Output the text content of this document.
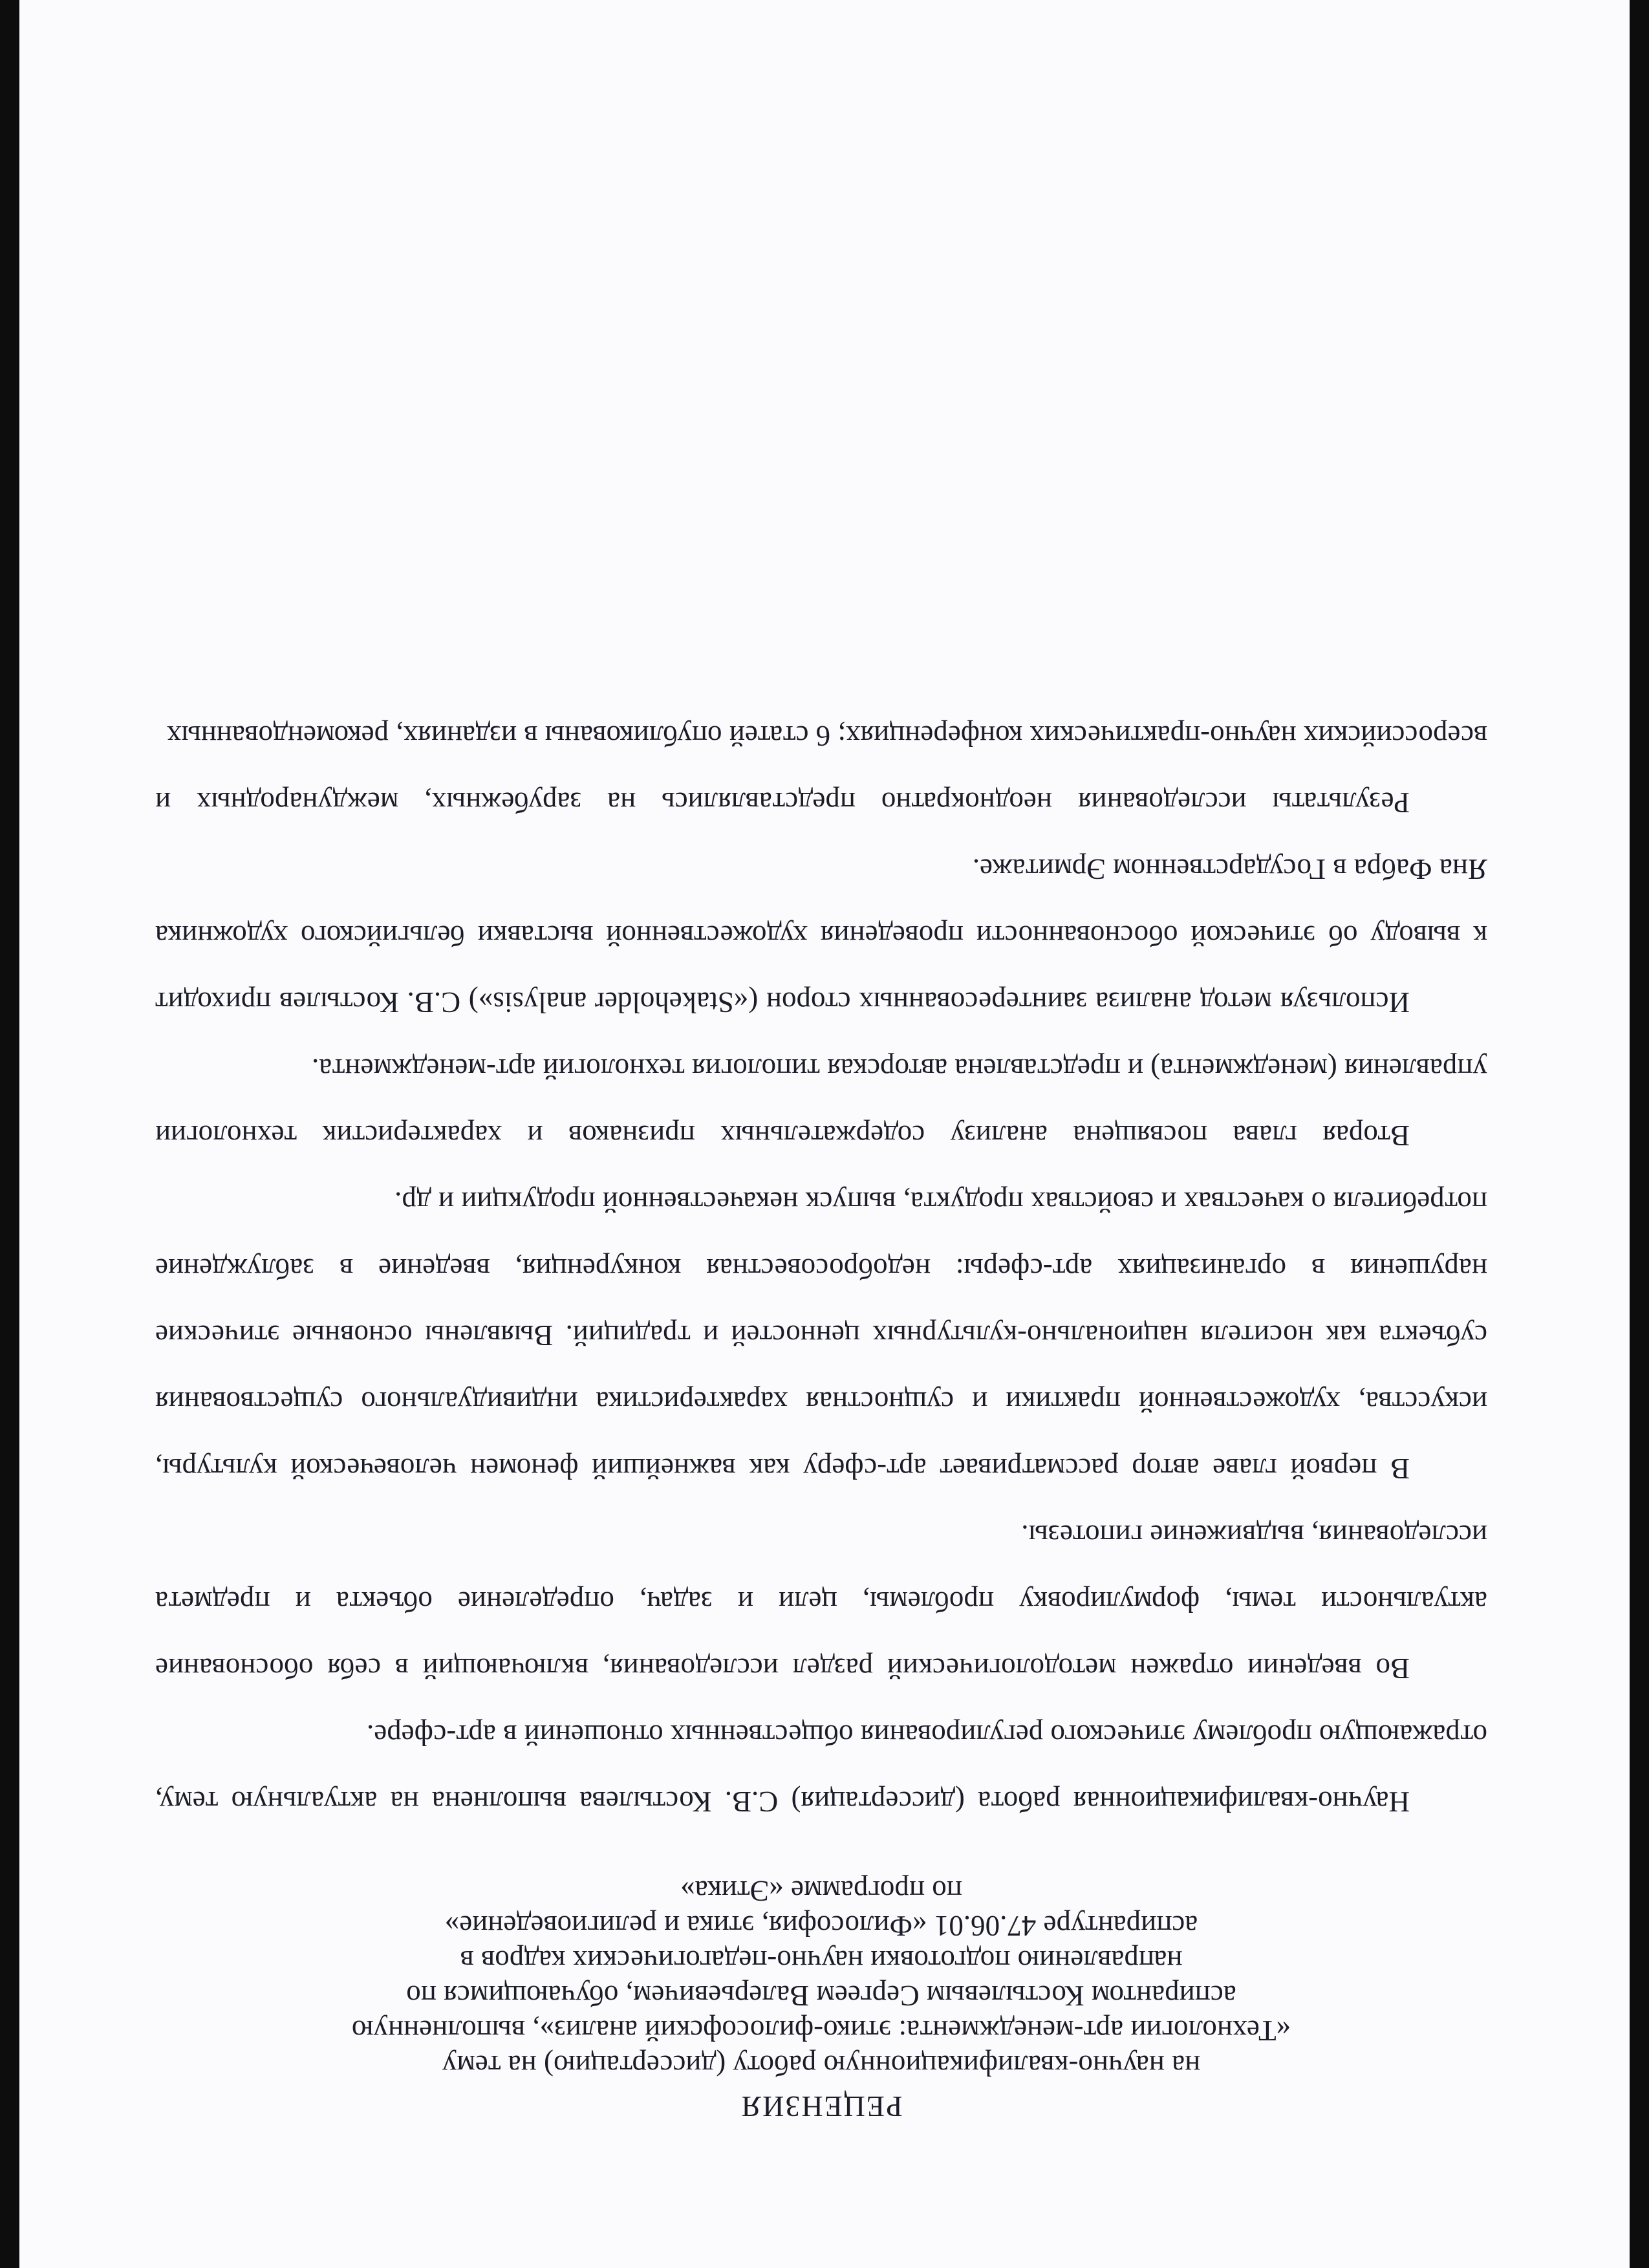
РЕЦЕНЗИЯ
на научно-квалификационную работу (диссертацию) на тему
«Технологии арт-менеджмента: этико-философский анализ», выполненную
аспирантом Костылевым Сергеем Валерьевичем, обучающимся по
направлению подготовки научно-педагогических кадров в
аспирантуре 47.06.01 «Философия, этика и религиоведение»
по программе «Этика»

Научно-квалификационная работа (диссертация) С.В. Костылева выполнена на актуальную тему, отражающую проблему этического регулирования общественных отношений в арт-сфере.

Во введении отражен методологический раздел исследования, включающий в себя обоснование актуальности темы, формулировку проблемы, цели и задач, определение объекта и предмета исследования, выдвижение гипотезы.

В первой главе автор рассматривает арт-сферу как важнейший феномен человеческой культуры, искусства, художественной практики и сущностная характеристика индивидуального существования субъекта как носителя национально-культурных ценностей и традиций. Выявлены основные этические нарушения в организациях арт-сферы: недобросовестная конкуренция, введение в заблуждение потребителя о качествах и свойствах продукта, выпуск некачественной продукции и др.

Вторая глава посвящена анализу содержательных признаков и характеристик технологии управления (менеджмента) и представлена авторская типология технологий арт-менеджмента.

Используя метод анализа заинтересованных сторон («Stakeholder analysis») С.В. Костылев приходит к выводу об этической обоснованности проведения художественной выставки бельгийского художника Яна Фабра в Государственном Эрмитаже.

Результаты исследования неоднократно представлялись на зарубежных, международных и всероссийских научно-практических конференциях; 6 статей опубликованы в изданиях, рекомендованных
